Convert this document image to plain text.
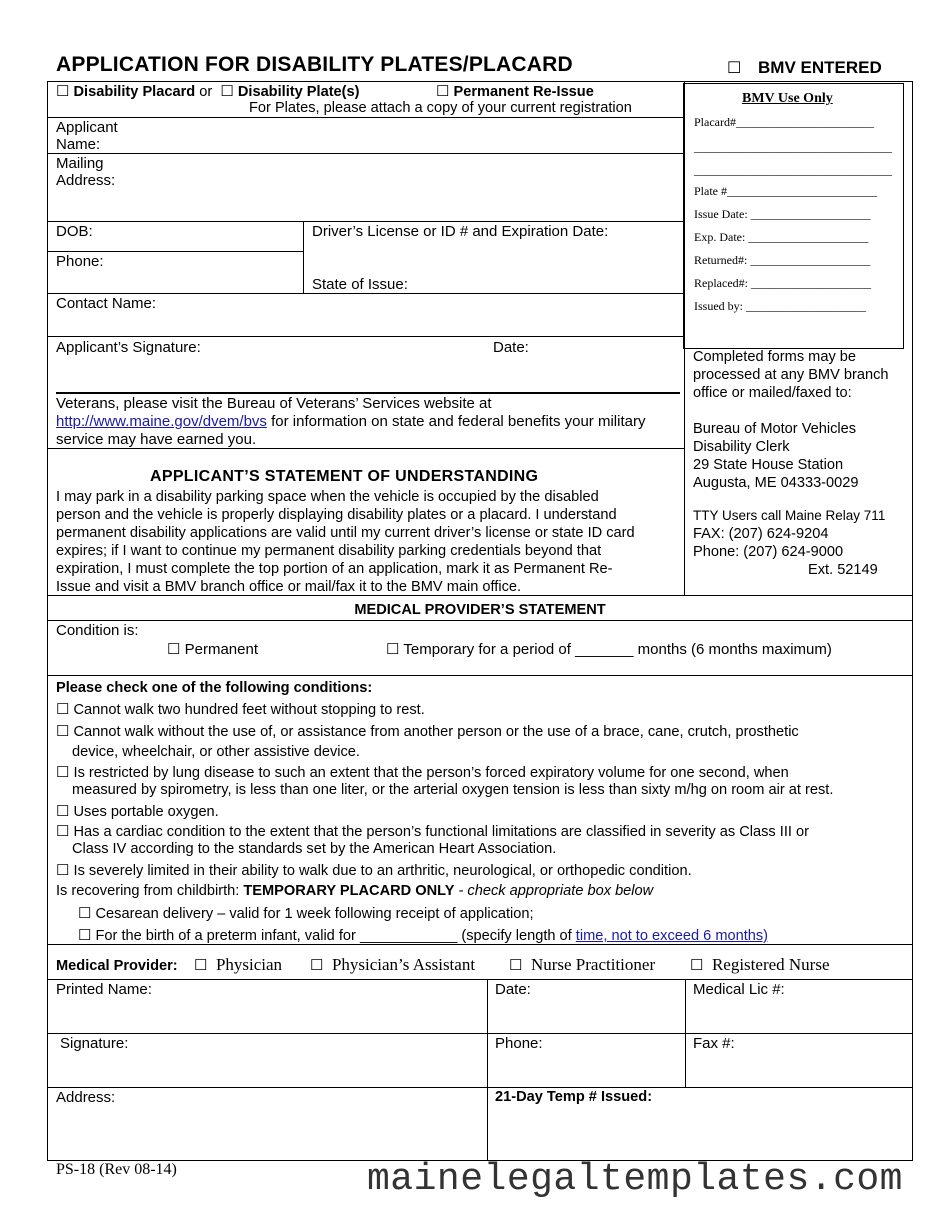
APPLICATION FOR DISABILITY PLATES/PLACARD	☐ BMV ENTERED
☐ Disability Placard or ☐ Disability Plate(s)	☐ Permanent Re-Issue
For Plates, please attach a copy of your current registration
Applicant
Name:
Mailing
Address:
DOB:	Driver’s License or ID # and Expiration Date:
Phone:
State of Issue:
Contact Name:
Applicant’s Signature:	Date:
Veterans, please visit the Bureau of Veterans’ Services website at
http://www.maine.gov/dvem/bvs for information on state and federal benefits your military
service may have earned you.
APPLICANT’S STATEMENT OF UNDERSTANDING
I may park in a disability parking space when the vehicle is occupied by the disabled
person and the vehicle is properly displaying disability plates or a placard. I understand
permanent disability applications are valid until my current driver’s license or state ID card
expires; if I want to continue my permanent disability parking credentials beyond that
expiration, I must complete the top portion of an application, mark it as Permanent Re-
Issue and visit a BMV branch office or mail/fax it to the BMV main office.
BMV Use Only
Placard#_______________________
_________________________________
_________________________________
Plate #_________________________
Issue Date: ____________________
Exp. Date: ____________________
Returned#: ____________________
Replaced#: ____________________
Issued by: ____________________
Completed forms may be
processed at any BMV branch
office or mailed/faxed to:
Bureau of Motor Vehicles
Disability Clerk
29 State House Station
Augusta, ME 04333-0029
TTY Users call Maine Relay 711
FAX: (207) 624-9204
Phone: (207) 624-9000
Ext. 52149
MEDICAL PROVIDER’S STATEMENT
Condition is:
☐ Permanent	☐ Temporary for a period of _______ months (6 months maximum)
Please check one of the following conditions:
☐ Cannot walk two hundred feet without stopping to rest.
☐ Cannot walk without the use of, or assistance from another person or the use of a brace, cane, crutch, prosthetic
device, wheelchair, or other assistive device.
☐ Is restricted by lung disease to such an extent that the person’s forced expiratory volume for one second, when
measured by spirometry, is less than one liter, or the arterial oxygen tension is less than sixty m/hg on room air at rest.
☐ Uses portable oxygen.
☐ Has a cardiac condition to the extent that the person’s functional limitations are classified in severity as Class III or
Class IV according to the standards set by the American Heart Association.
☐ Is severely limited in their ability to walk due to an arthritic, neurological, or orthopedic condition.
Is recovering from childbirth: TEMPORARY PLACARD ONLY - check appropriate box below
☐ Cesarean delivery – valid for 1 week following receipt of application;
☐ For the birth of a preterm infant, valid for ____________ (specify length of time, not to exceed 6 months)
Medical Provider: ☐ Physician ☐ Physician’s Assistant ☐ Nurse Practitioner ☐ Registered Nurse
Printed Name:	Date:	Medical Lic #:
Signature:	Phone:	Fax #:
Address:	21-Day Temp # Issued:
PS-18 (Rev 08-14)	mainelegaltemplates.com
